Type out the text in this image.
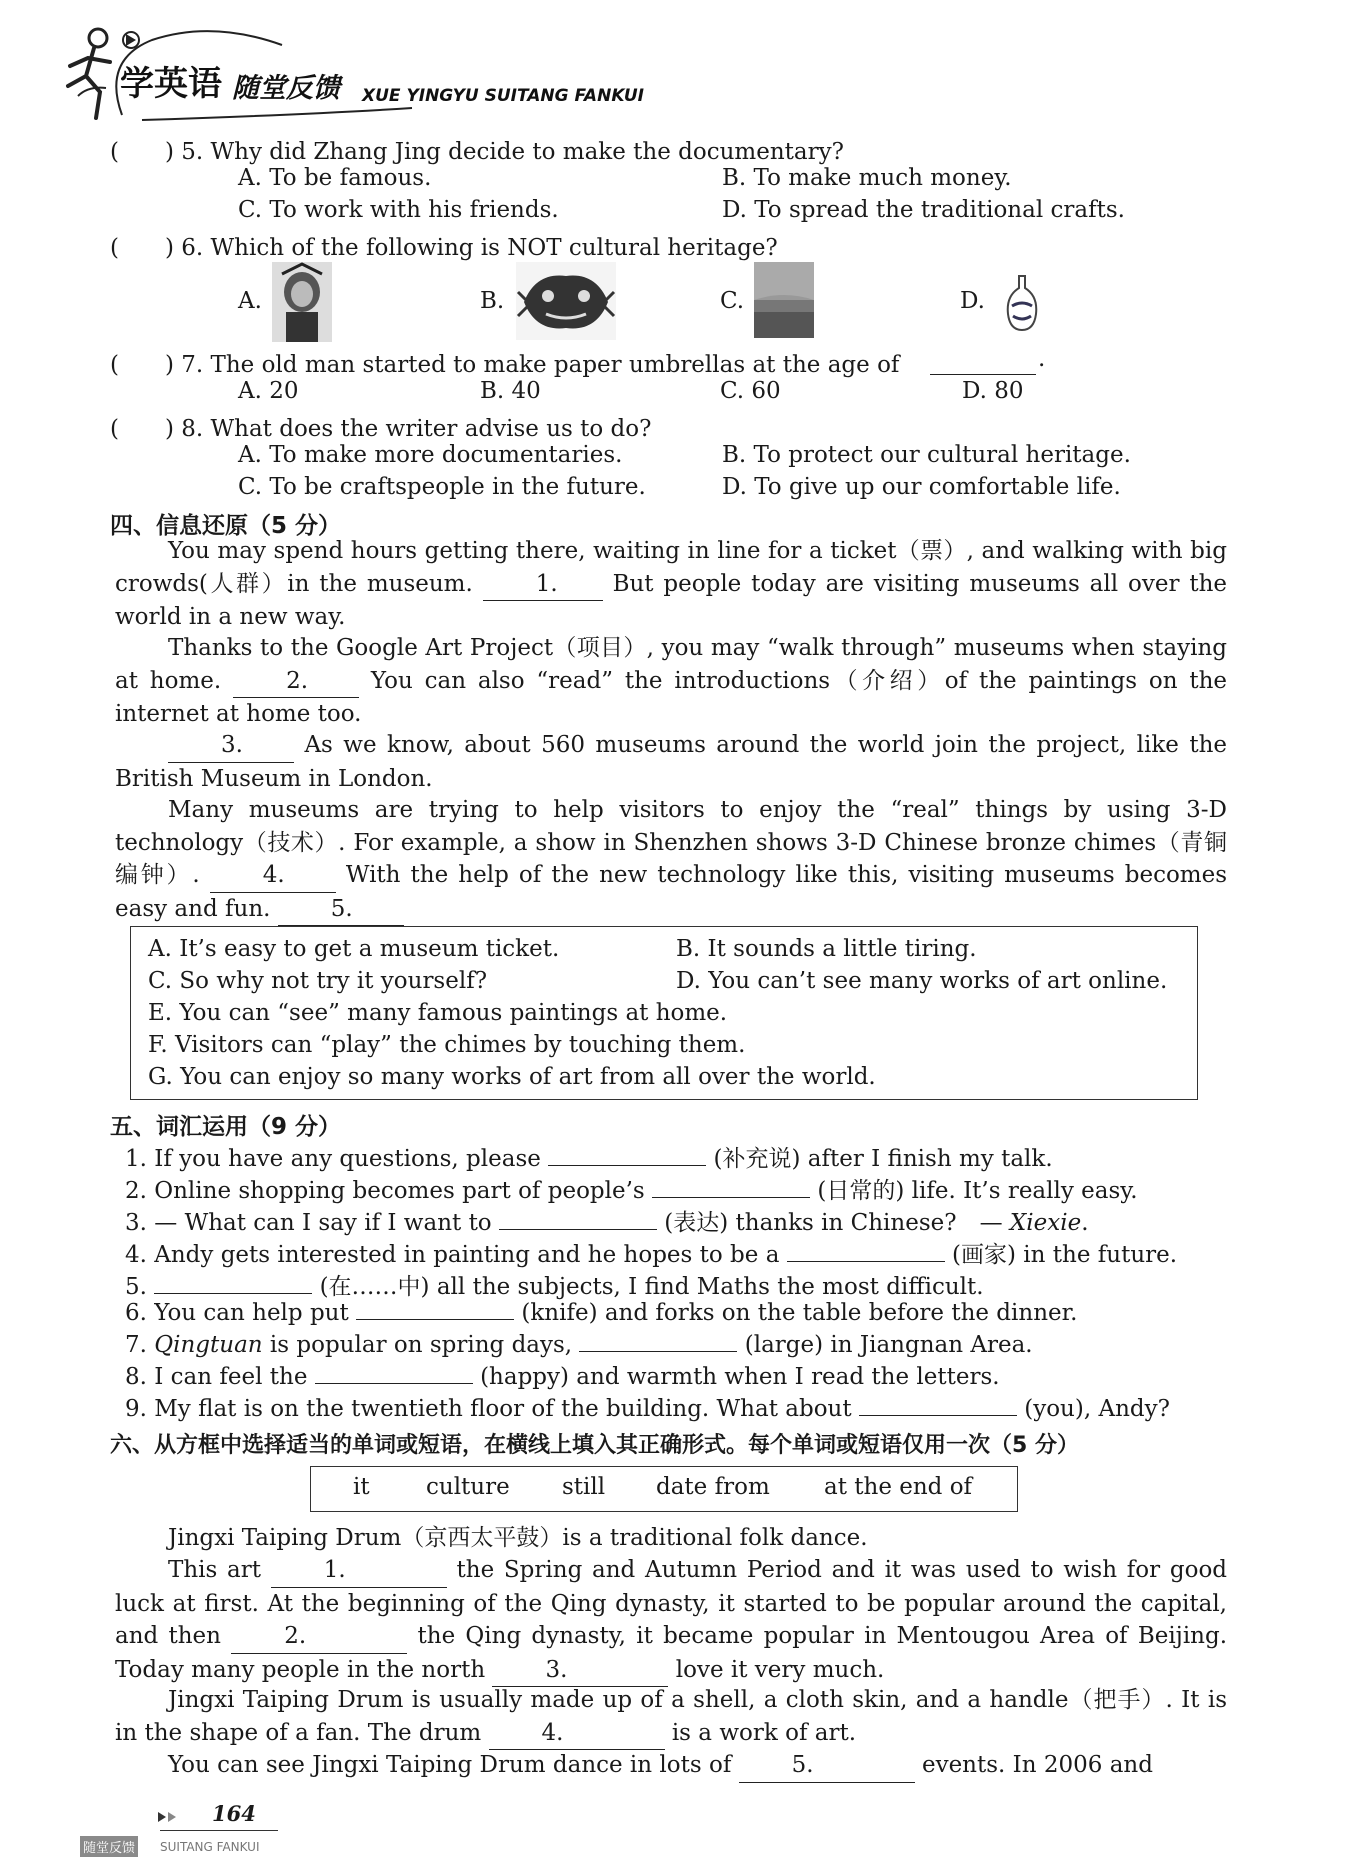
学英语 随堂反馈 XUE YINGYU SUITANG FANKUI
(　　) 5. Why did Zhang Jing decide to make the documentary?
A. To be famous.	B. To make much money.
C. To work with his friends.	D. To spread the traditional crafts.
(　　) 6. Which of the following is NOT cultural heritage?
A.	B.	C.	D.
(　　) 7. The old man started to make paper umbrellas at the age of	.
A. 20	B. 40	C. 60	D. 80
(　　) 8. What does the writer advise us to do?
A. To make more documentaries.	B. To protect our cultural heritage.
C. To be craftspeople in the future.	D. To give up our comfortable life.
四、信息还原（5 分）
You may spend hours getting there, waiting in line for a ticket（票）, and walking with big crowds(人群）in the museum.	1. But people today are visiting museums all over the world in a new way.
Thanks to the Google Art Project（项目）, you may “walk through” museums when staying at home.	2.	You can also “read” the introductions（介绍）of the paintings on the internet at home too.
3.	As we know, about 560 museums around the world join the project, like the British Museum in London.
Many museums are trying to help visitors to enjoy the “real” things by using 3-D technology（技术）. For example, a show in Shenzhen shows 3-D Chinese bronze chimes（青铜编钟）.	4.	With the help of the new technology like this, visiting museums becomes easy and fun.	5.
A. It’s easy to get a museum ticket.	B. It sounds a little tiring.
C. So why not try it yourself?	D. You can’t see many works of art online.
E. You can “see” many famous paintings at home.
F. Visitors can “play” the chimes by touching them.
G. You can enjoy so many works of art from all over the world.
五、词汇运用（9 分）
1. If you have any questions, please	(补充说) after I finish my talk.
2. Online shopping becomes part of people’s	(日常的) life. It’s really easy.
3. — What can I say if I want to	(表达) thanks in Chinese?　— Xiexie.
4. Andy gets interested in painting and he hopes to be a	(画家) in the future.
5.	(在……中) all the subjects, I find Maths the most difficult.
6. You can help put	(knife) and forks on the table before the dinner.
7. Qingtuan is popular on spring days,	(large) in Jiangnan Area.
8. I can feel the	(happy) and warmth when I read the letters.
9. My flat is on the twentieth floor of the building. What about	(you), Andy?
六、从方框中选择适当的单词或短语，在横线上填入其正确形式。每个单词或短语仅用一次（5 分）
it culture still date from at the end of
Jingxi Taiping Drum（京西太平鼓）is a traditional folk dance.
This art	1.	the Spring and Autumn Period and it was used to wish for good luck at first. At the beginning of the Qing dynasty, it started to be popular around the capital, and then	2.	the Qing dynasty, it became popular in Mentougou Area of Beijing. Today many people in the north	3.	love it very much.
Jingxi Taiping Drum is usually made up of a shell, a cloth skin, and a handle（把手）. It is in the shape of a fan. The drum	4.	is a work of art.
You can see Jingxi Taiping Drum dance in lots of	5.	events. In 2006 and
164
随堂反馈 SUITANG FANKUI
